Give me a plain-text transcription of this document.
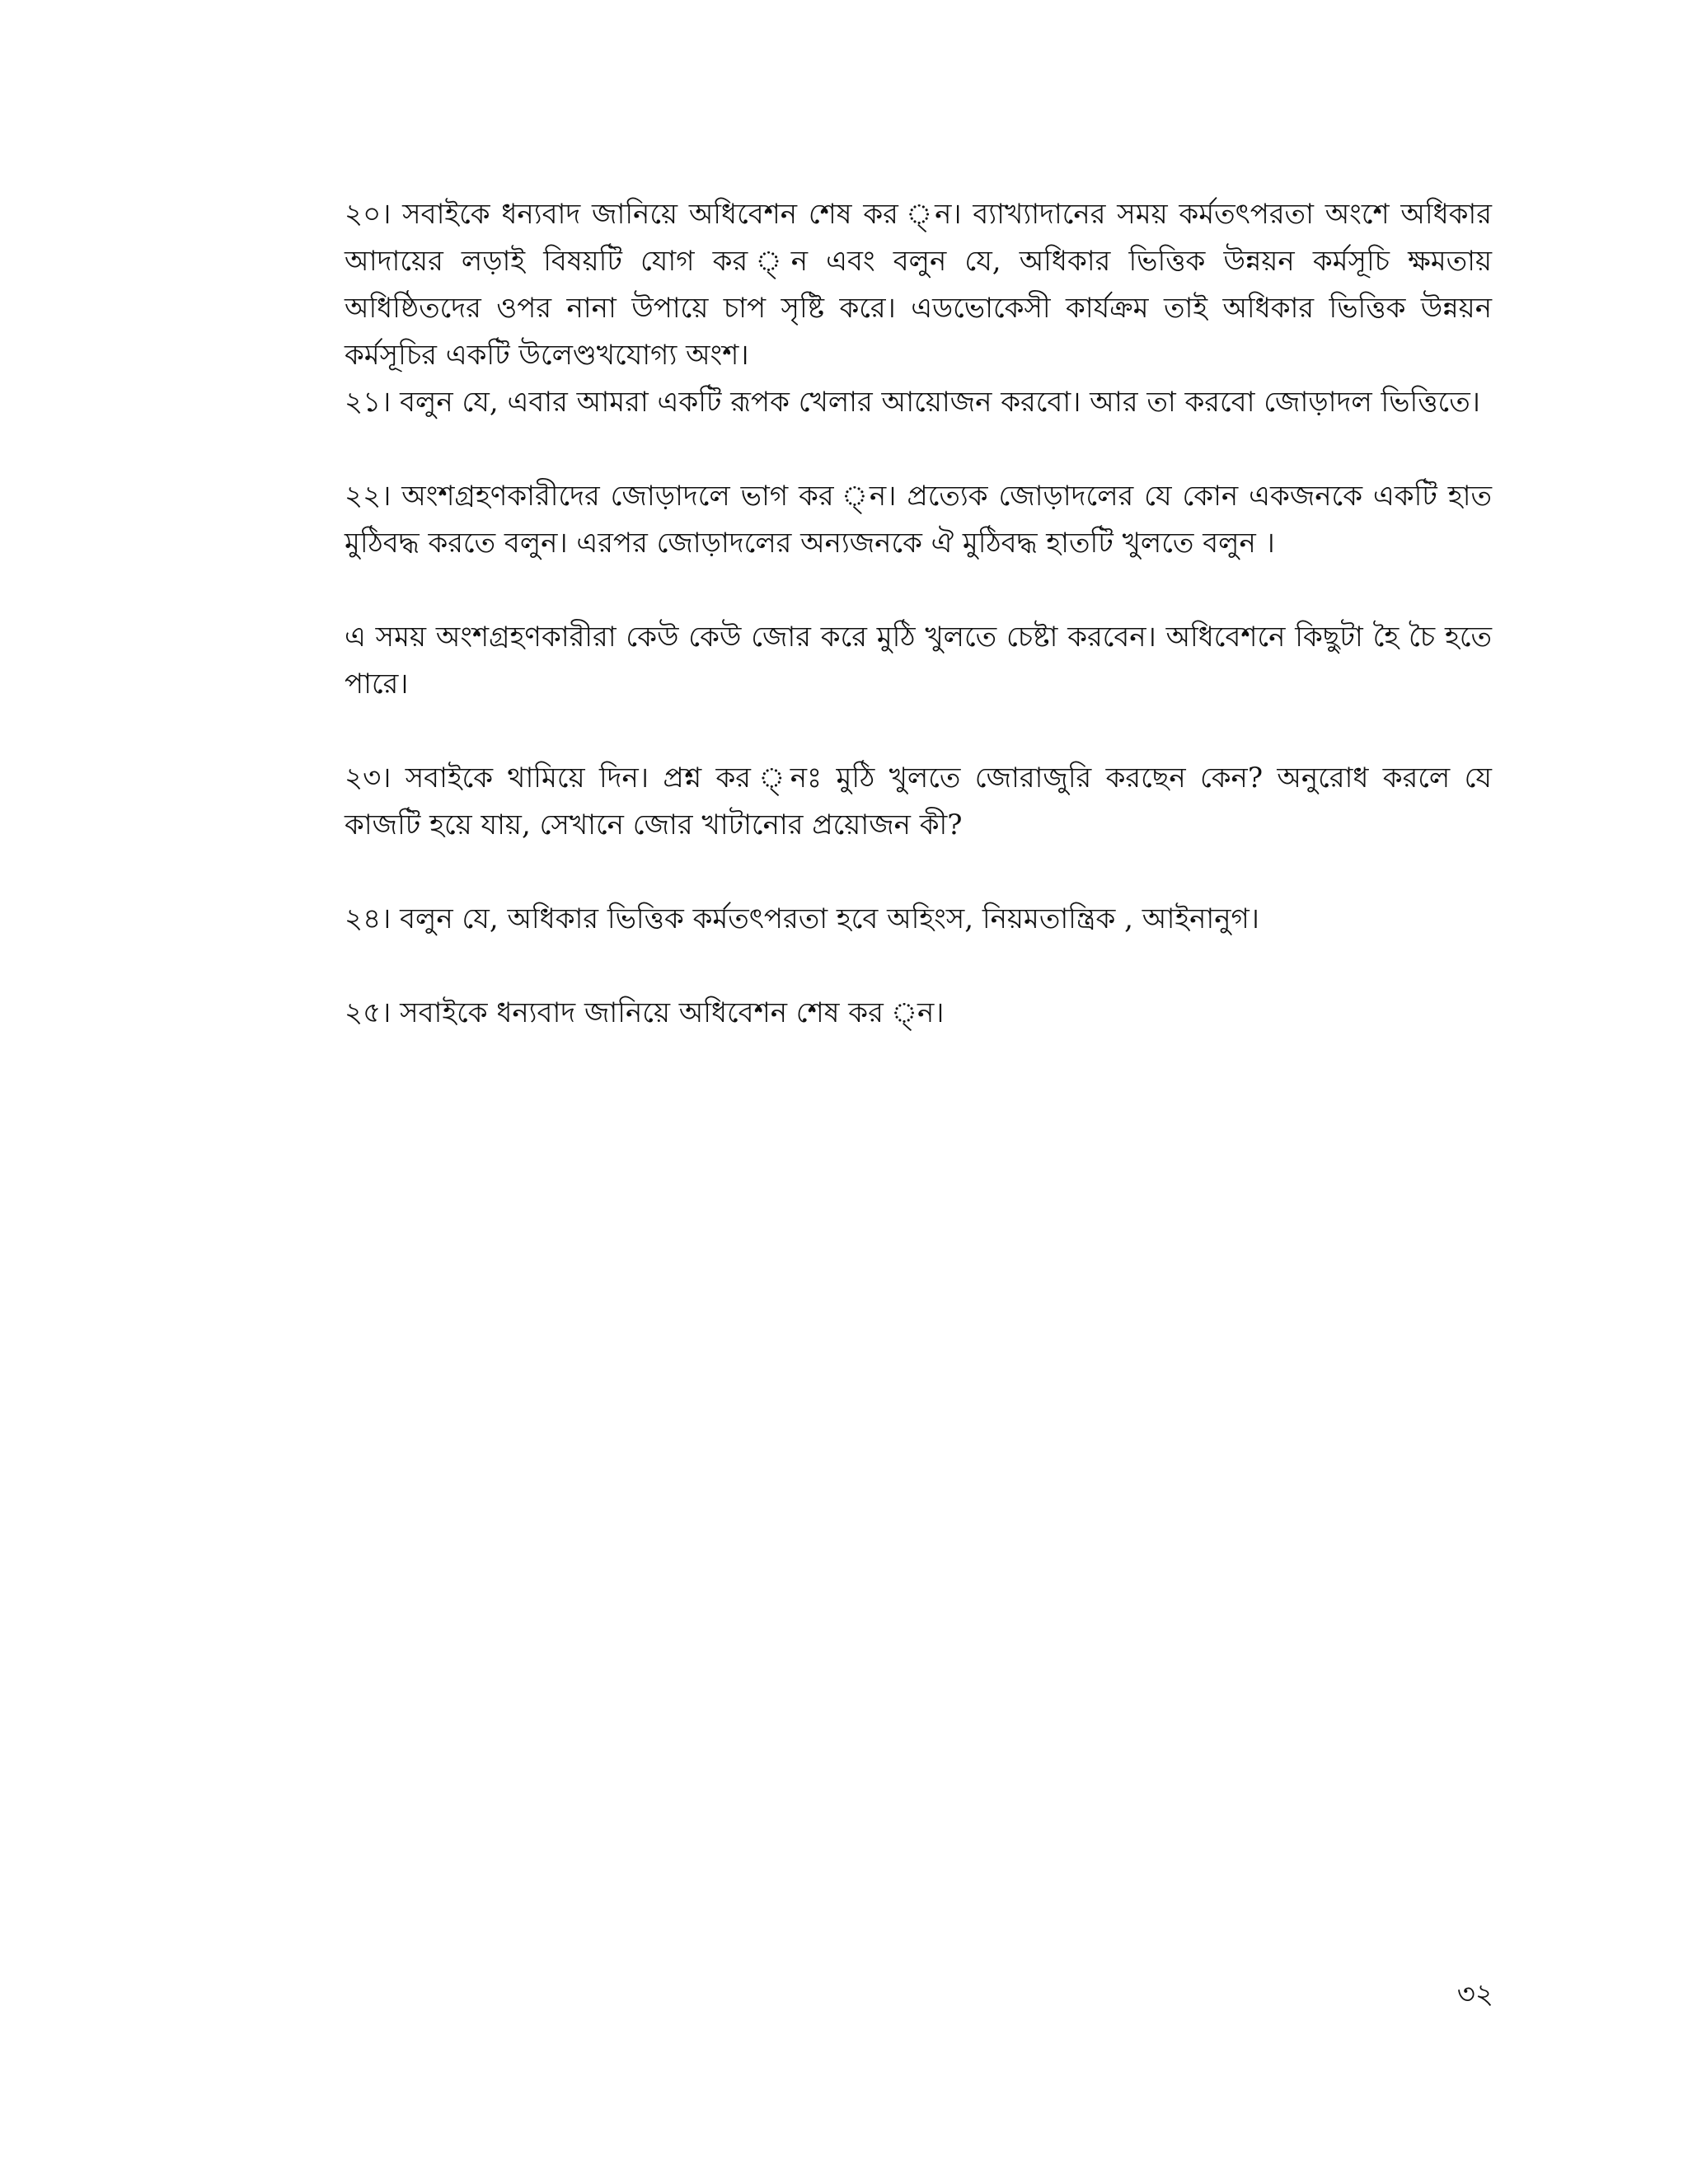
২০। সবাইকে ধন্যবাদ জানিয়ে অধিবেশন শেষ কর ্ন। ব্যাখ্যাদানের সময় কর্মতৎপরতা অংশে অধিকার আদায়ের লড়াই বিষয়টি যোগ কর ্ন এবং বলুন যে, অধিকার ভিত্তিক উন্নয়ন কর্মসূচি ক্ষমতায় অধিষ্ঠিতদের ওপর নানা উপায়ে চাপ সৃষ্টি করে। এডভোকেসী কার্যক্রম তাই অধিকার ভিত্তিক উন্নয়ন কর্মসূচির একটি উলেণ্ডখযোগ্য অংশ।

২১। বলুন যে, এবার আমরা একটি রূপক খেলার আয়োজন করবো। আর তা করবো জোড়াদল ভিত্তিতে।

২২। অংশগ্রহণকারীদের জোড়াদলে ভাগ কর ্ন। প্রত্যেক জোড়াদলের যে কোন একজনকে একটি হাত মুঠিবদ্ধ করতে বলুন। এরপর জোড়াদলের অন্যজনকে ঐ মুঠিবদ্ধ হাতটি খুলতে বলুন ।

এ সময় অংশগ্রহণকারীরা কেউ কেউ জোর করে মুঠি খুলতে চেষ্টা করবেন। অধিবেশনে কিছুটা হৈ চৈ হতে পারে।

২৩। সবাইকে থামিয়ে দিন। প্রশ্ন কর ্নঃ মুঠি খুলতে জোরাজুরি করছেন কেন? অনুরোধ করলে যে কাজটি হয়ে যায়, সেখানে জোর খাটানোর প্রয়োজন কী?

২৪। বলুন যে, অধিকার ভিত্তিক কর্মতৎপরতা হবে অহিংস, নিয়মতান্ত্রিক , আইনানুগ।

২৫। সবাইকে ধন্যবাদ জানিয়ে অধিবেশন শেষ কর ্ন।

৩২
